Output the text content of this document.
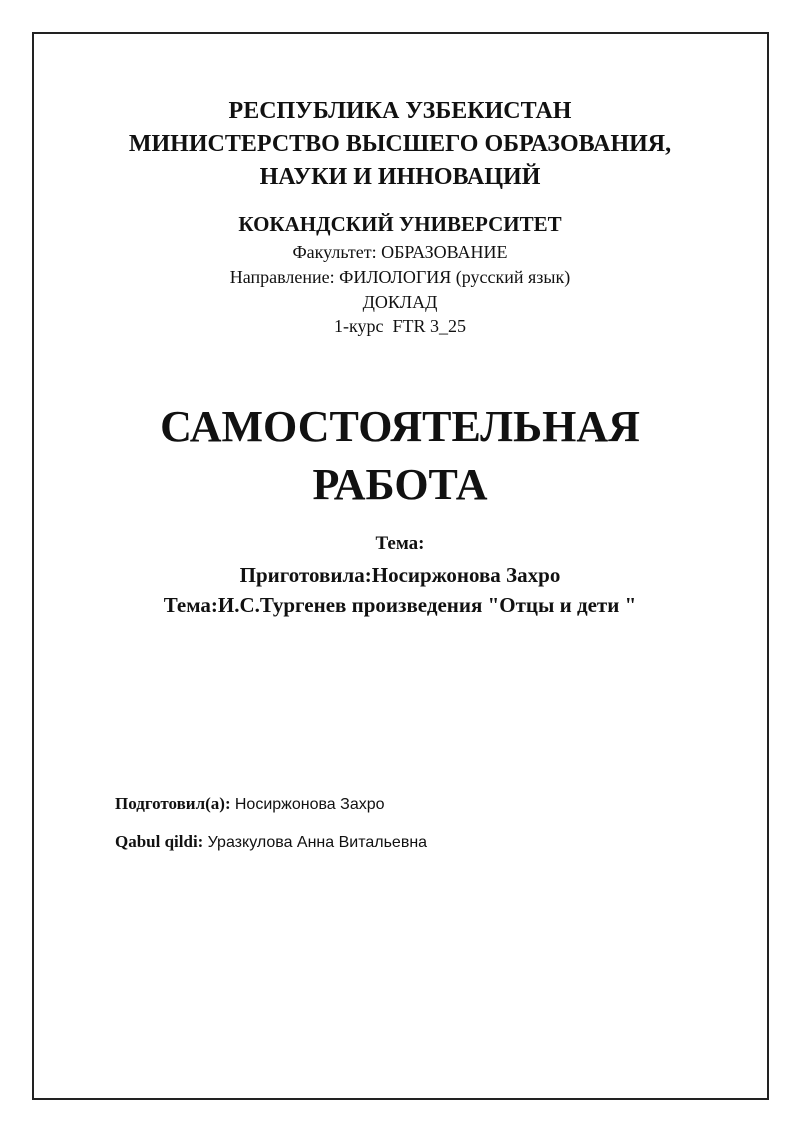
РЕСПУБЛИКА УЗБЕКИСТАН
МИНИСТЕРСТВО ВЫСШЕГО ОБРАЗОВАНИЯ,
НАУКИ И ИННОВАЦИЙ
КОКАНДСКИЙ УНИВЕРСИТЕТ
Факультет: ОБРАЗОВАНИЕ
Направление: ФИЛОЛОГИЯ (русский язык)
ДОКЛАД
1-курс  FTR 3_25
САМОСТОЯТЕЛЬНАЯ
РАБОТА
Тема:
Приготовила:Носиржонова Захро
Тема:И.С.Тургенев произведения "Отцы и дети "
Подготовил(а): Носиржонова Захро
Qabul qildi: Уразкулова Анна Витальевна
